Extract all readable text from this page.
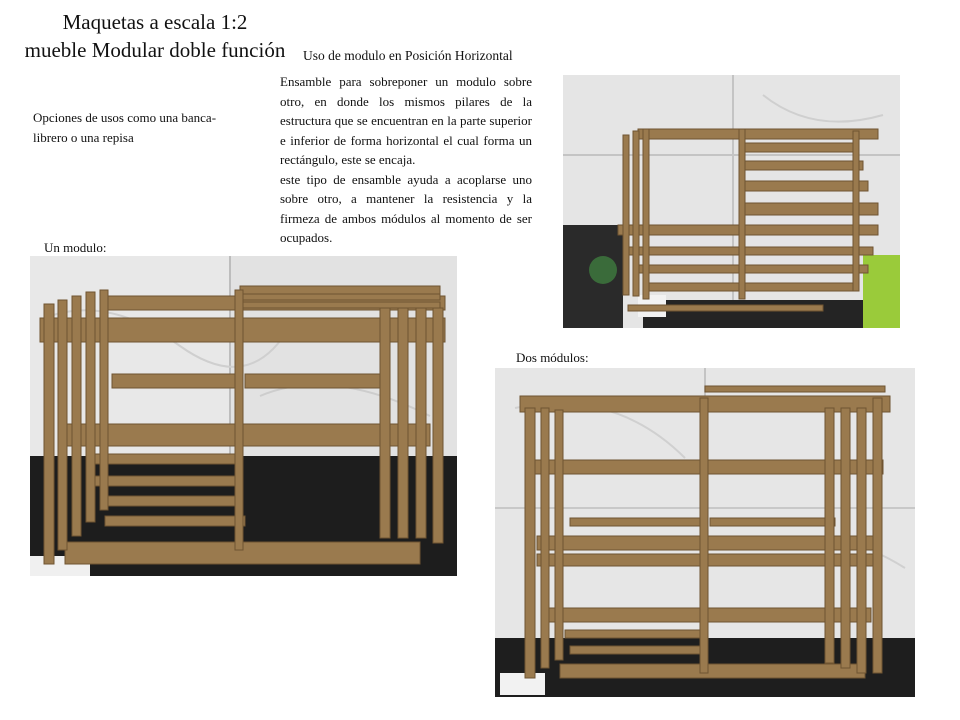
Maquetas a escala 1:2
mueble Modular doble función	Uso de modulo en Posición Horizontal
Opciones de usos como una banca-librero o una repisa

Ensamble para sobreponer un modulo sobre otro, en donde los mismos pilares de la estructura que se encuentran en la parte superior e inferior de forma horizontal el cual forma un rectángulo, este se encaja.

este tipo de ensamble ayuda a acoplarse uno sobre otro, a mantener la resistencia y la firmeza de ambos módulos al momento de ser ocupados.

Un modulo:
Dos módulos:
